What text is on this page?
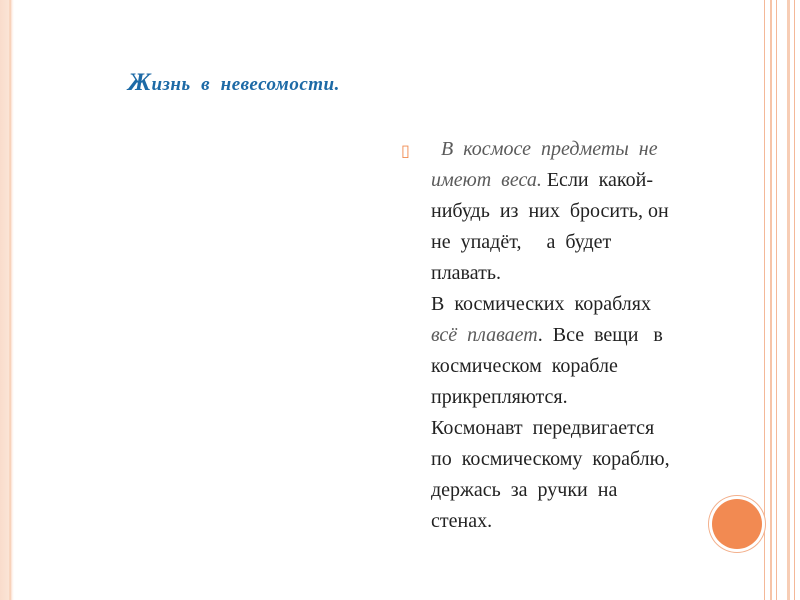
Жизнь  в  невесомости.
▯ В  космосе  предметы  не
имеют  веса. Если  какой-
нибудь  из  них  бросить, он
не  упадёт,     а  будет
плавать.
В  космических  кораблях
всё  плавает.  Все  вещи   в
космическом  корабле
прикрепляются.
Космонавт  передвигается
по  космическому  кораблю,
держась  за  ручки  на
стенах.
